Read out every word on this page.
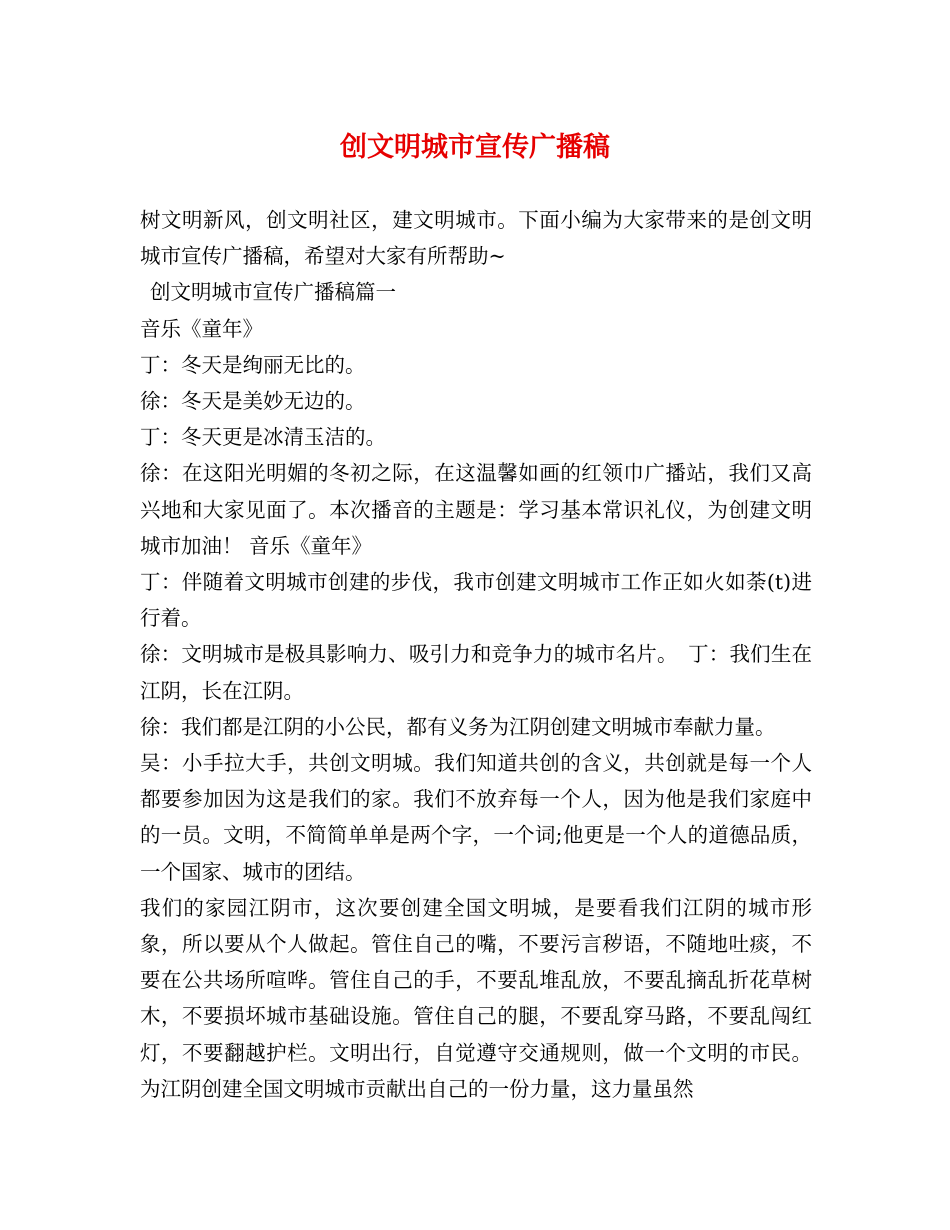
创文明城市宣传广播稿

树文明新风，创文明社区，建文明城市。下面小编为大家带来的是创文明城市宣传广播稿，希望对大家有所帮助~

创文明城市宣传广播稿篇一

音乐《童年》

丁：冬天是绚丽无比的。

徐：冬天是美妙无边的。

丁：冬天更是冰清玉洁的。

徐：在这阳光明媚的冬初之际，在这温馨如画的红领巾广播站，我们又高兴地和大家见面了。本次播音的主题是：学习基本常识礼仪，为创建文明城市加油！ 音乐《童年》

丁：伴随着文明城市创建的步伐，我市创建文明城市工作正如火如荼(t)进行着。

徐：文明城市是极具影响力、吸引力和竞争力的城市名片。　丁：我们生在江阴，长在江阴。

徐：我们都是江阴的小公民，都有义务为江阴创建文明城市奉献力量。

吴：小手拉大手，共创文明城。我们知道共创的含义，共创就是每一个人都要参加因为这是我们的家。我们不放弃每一个人，因为他是我们家庭中的一员。文明，不简简单单是两个字，一个词;他更是一个人的道德品质，一个国家、城市的团结。

我们的家园江阴市，这次要创建全国文明城，是要看我们江阴的城市形象，所以要从个人做起。管住自己的嘴，不要污言秽语，不随地吐痰，不要在公共场所喧哗。管住自己的手，不要乱堆乱放，不要乱摘乱折花草树木，不要损坏城市基础设施。管住自己的腿，不要乱穿马路，不要乱闯红灯，不要翻越护栏。文明出行，自觉遵守交通规则，做一个文明的市民。为江阴创建全国文明城市贡献出自己的一份力量，这力量虽然
